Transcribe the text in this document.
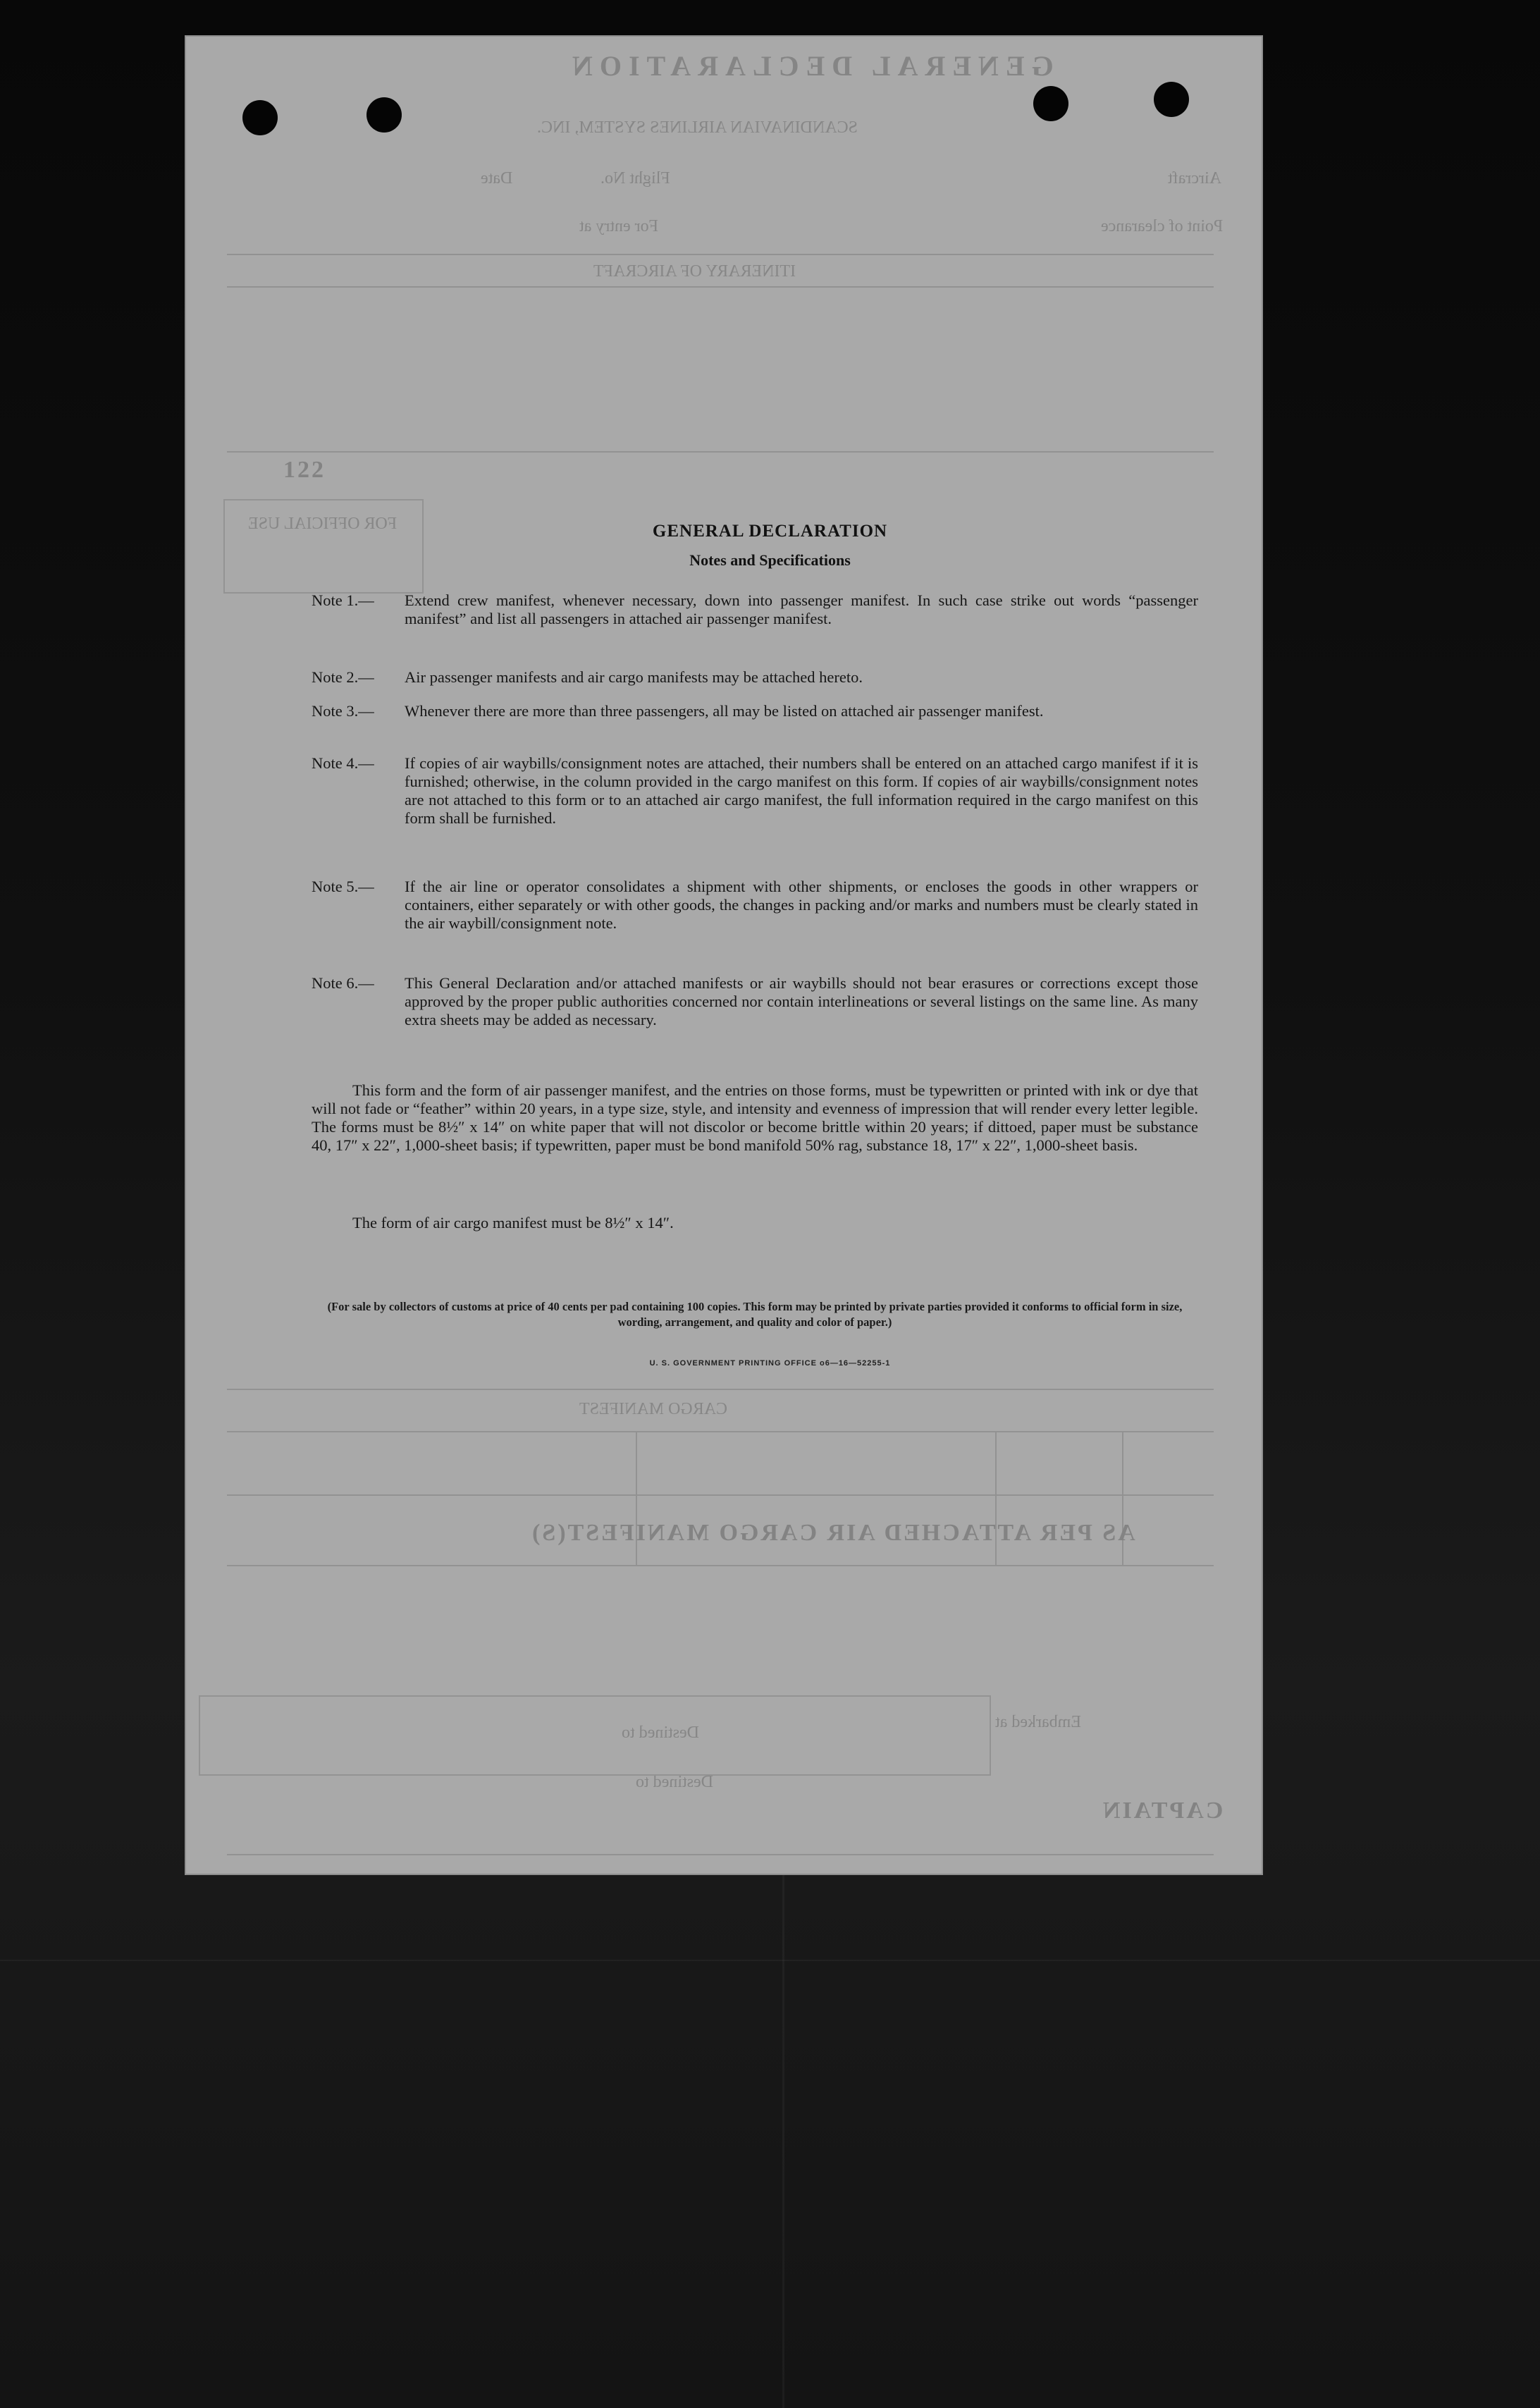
GENERAL DECLARATION
SCANDINAVIAN AIRLINES SYSTEM, INC.
Aircraft
Flight No.
Date
Point of clearance
For entry at
ITINERARY OF AIRCRAFT
122
FOR OFFICIAL USE
CARGO MANIFEST
AS PER ATTACHED AIR CARGO MANIFEST(S)
Destined to
Embarked at
Destined to
CAPTAIN
GENERAL DECLARATION
Notes and Specifications
Note 1.—	Extend crew manifest, whenever necessary, down into passenger manifest. In such case strike out words “passenger manifest” and list all passengers in attached air passenger manifest.
Note 2.—	Air passenger manifests and air cargo manifests may be attached hereto.
Note 3.—	Whenever there are more than three passengers, all may be listed on attached air passenger manifest.
Note 4.—	If copies of air waybills/consignment notes are attached, their numbers shall be entered on an attached cargo manifest if it is furnished; otherwise, in the column provided in the cargo manifest on this form. If copies of air waybills/consignment notes are not attached to this form or to an attached air cargo manifest, the full information required in the cargo manifest on this form shall be furnished.
Note 5.—	If the air line or operator consolidates a shipment with other shipments, or encloses the goods in other wrappers or containers, either separately or with other goods, the changes in packing and/or marks and numbers must be clearly stated in the air waybill/consignment note.
Note 6.—	This General Declaration and/or attached manifests or air waybills should not bear erasures or corrections except those approved by the proper public authorities concerned nor contain interlineations or several listings on the same line. As many extra sheets may be added as necessary.
This form and the form of air passenger manifest, and the entries on those forms, must be typewritten or printed with ink or dye that will not fade or “feather” within 20 years, in a type size, style, and intensity and evenness of impression that will render every letter legible. The forms must be 8½″ x 14″ on white paper that will not discolor or become brittle within 20 years; if dittoed, paper must be substance 40, 17″ x 22″, 1,000-sheet basis; if typewritten, paper must be bond manifold 50% rag, substance 18, 17″ x 22″, 1,000-sheet basis.
The form of air cargo manifest must be 8½″ x 14″.
(For sale by collectors of customs at price of 40 cents per pad containing 100 copies. This form may be printed by private parties provided it conforms to official form in size, wording, arrangement, and quality and color of paper.)
U. S. GOVERNMENT PRINTING OFFICE o6—16—52255-1
